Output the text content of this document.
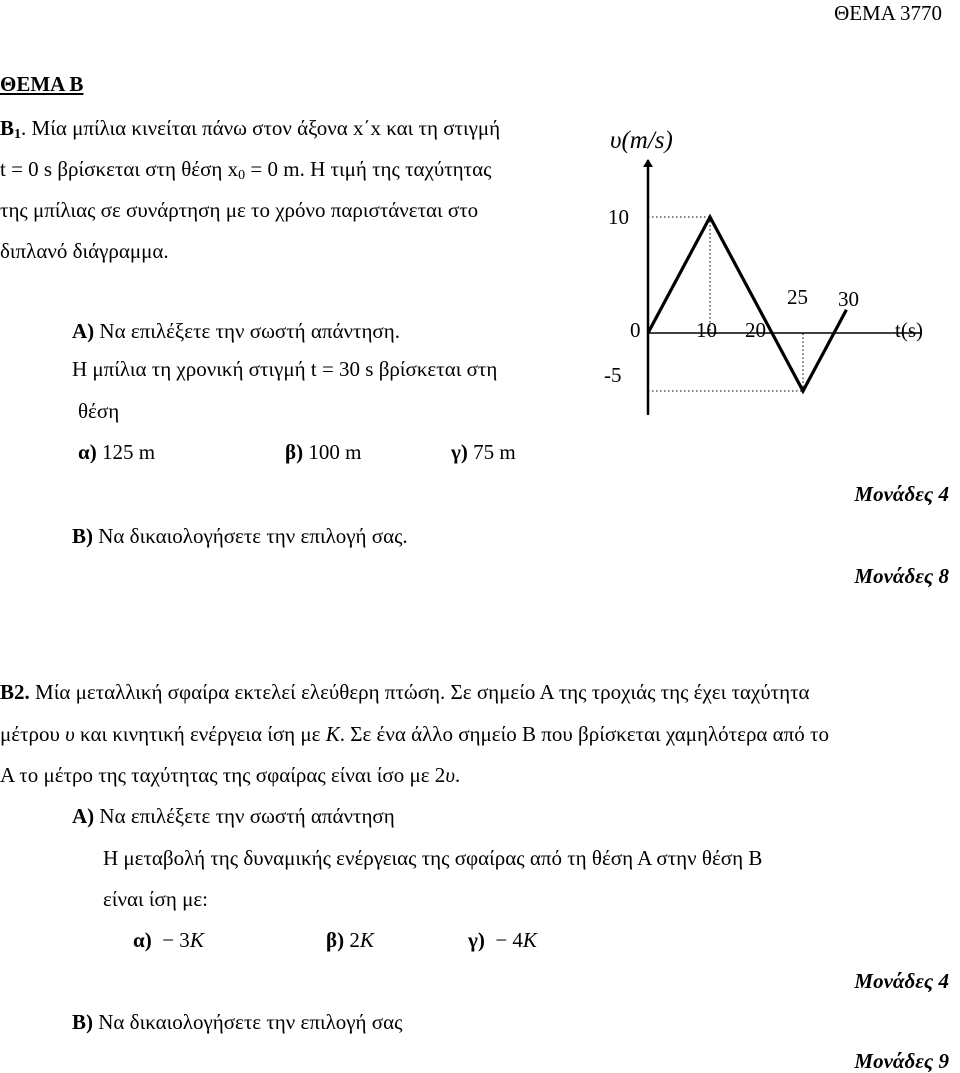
ΘΕΜΑ 3770
ΘΕΜΑ Β
$B_1$. Μία μπίλια κινείται πάνω στον άξονα x΄x και τη στιγμή
t = 0 s βρίσκεται στη θέση $x_0 = 0$ m. Η τιμή της ταχύτητας
της μπίλιας σε συνάρτηση με το χρόνο παριστάνεται στο
διπλανό διάγραμμα.
Α) Να επιλέξετε την σωστή απάντηση.
Η μπίλια τη χρονική στιγμή t = 30 s βρίσκεται στη
θέση
α) 125 m	β) 100 m	γ) 75 m
Μονάδες 4
Β) Να δικαιολογήσετε την επιλογή σας.
Μονάδες 8
υ(m/s)
t(s)
10
-5
0	10 20
25 30
Β2. Μία μεταλλική σφαίρα εκτελεί ελεύθερη πτώση. Σε σημείο Α της τροχιάς της έχει ταχύτητα
μέτρου υ και κινητική ενέργεια ίση με K. Σε ένα άλλο σημείο Β που βρίσκεται χαμηλότερα από το
Α το μέτρο της ταχύτητας της σφαίρας είναι ίσο με 2υ.
Α) Να επιλέξετε την σωστή απάντηση
Η μεταβολή της δυναμικής ενέργειας της σφαίρας από τη θέση Α στην θέση Β
είναι ίση με:
α)  − 3K	β) 2K	γ)  − 4K
Μονάδες 4
Β) Να δικαιολογήσετε την επιλογή σας
Μονάδες 9
